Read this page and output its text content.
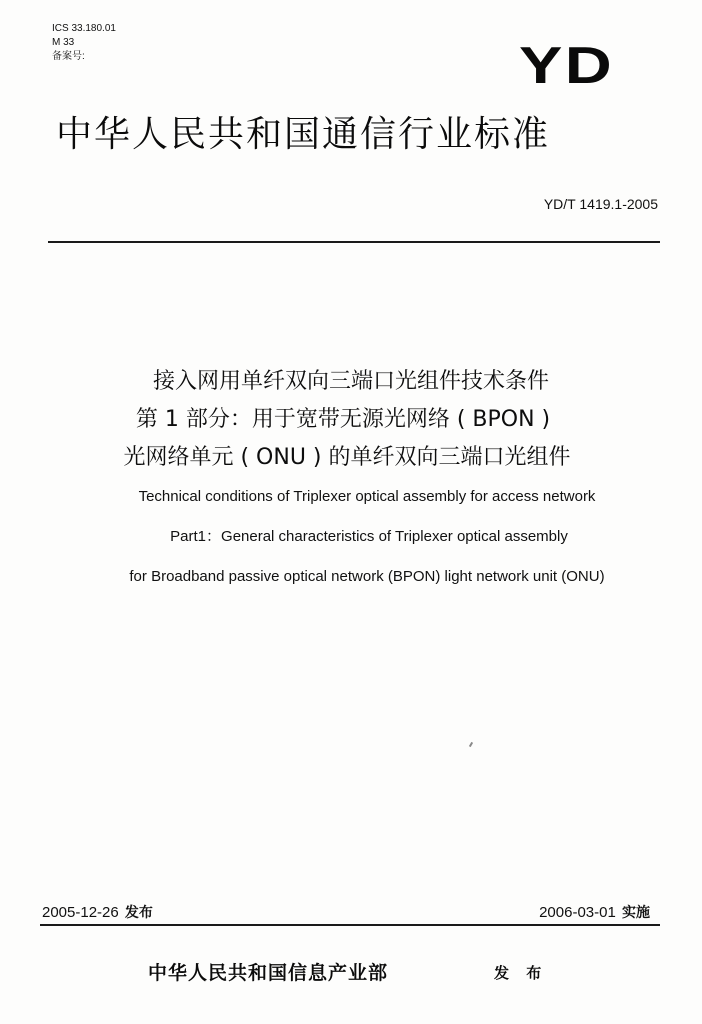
ICS 33.180.01
M 33
备案号:	YD
中华人民共和国通信行业标准
YD/T 1419.1-2005
接入网用单纤双向三端口光组件技术条件
第 1 部分：用于宽带无源光网络 ( BPON )
光网络单元 ( ONU ) 的单纤双向三端口光组件
Technical conditions of Triplexer optical assembly for access network
Part1：General characteristics of Triplexer optical assembly
for Broadband passive optical network (BPON) light network unit (ONU)
2005-12-26 发布	2006-03-01 实施
中华人民共和国信息产业部	发 布
